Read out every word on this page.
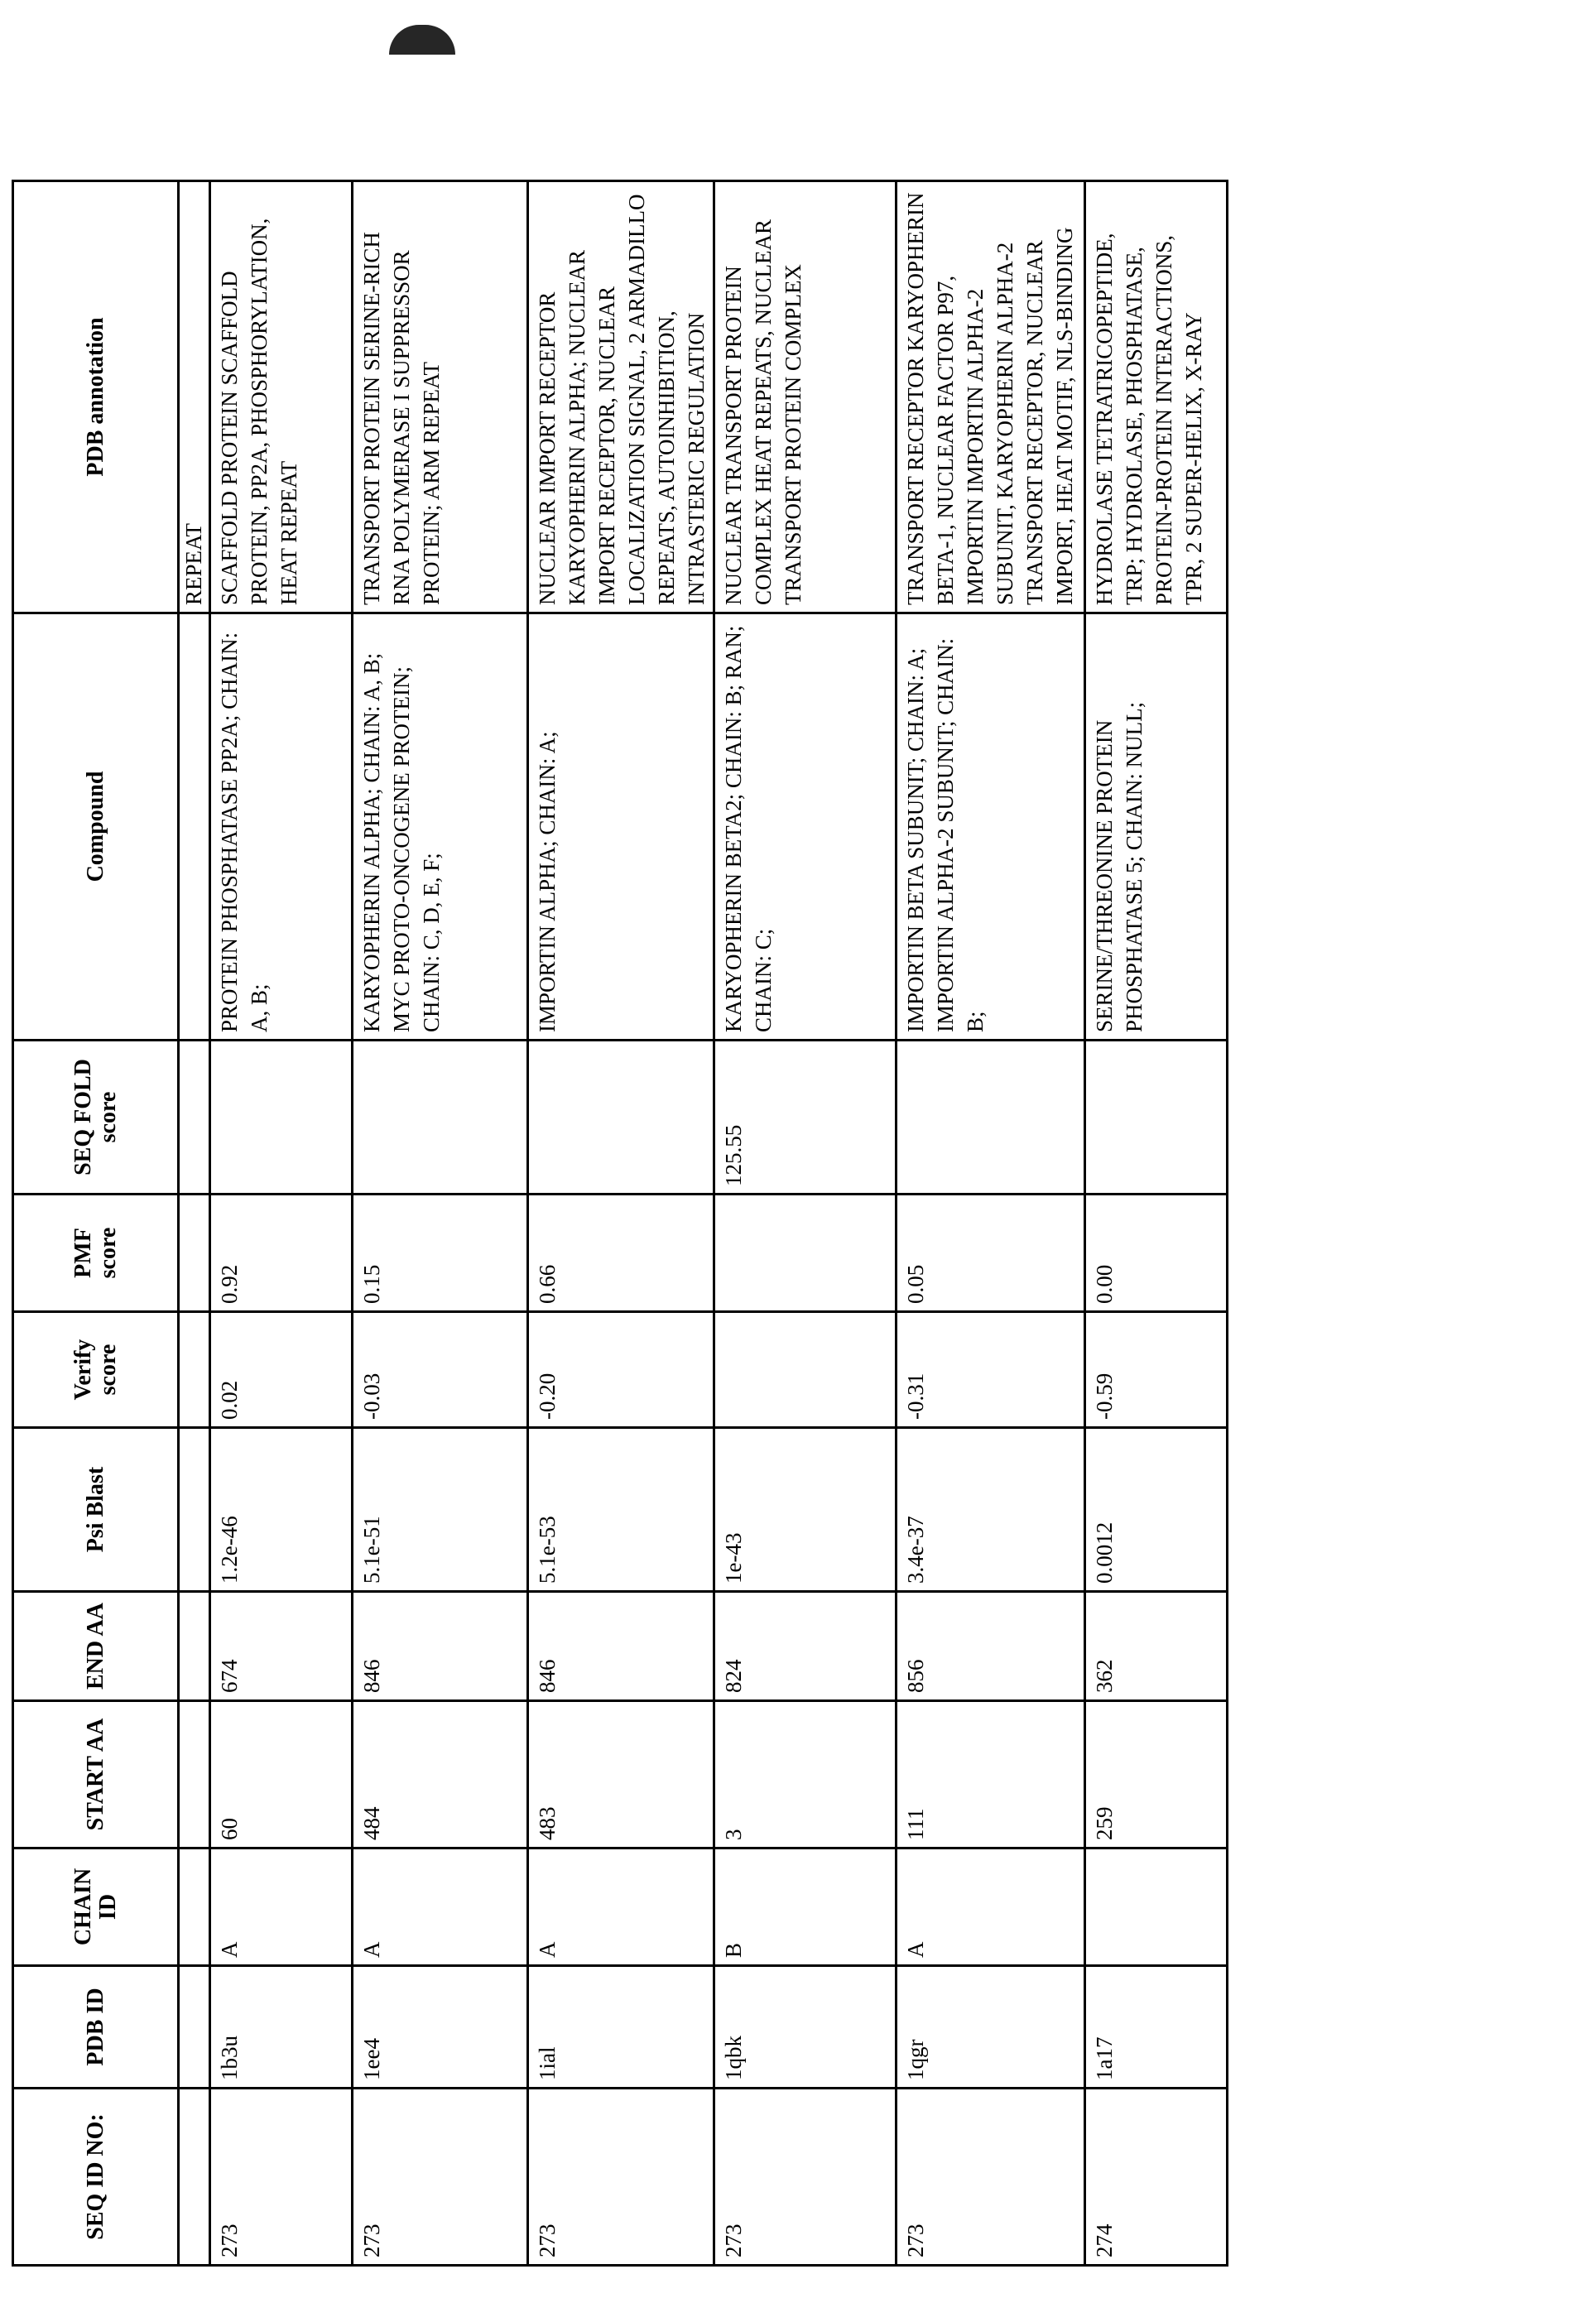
SEQ ID NO:	PDB ID	CHAIN ID	START AA	END AA	Psi Blast	Verify score	PMF score	SEQ FOLD score	Compound	PDB annotation
										REPEAT
273	1b3u	A	60	674	1.2e-46	0.02	0.92		PROTEIN PHOSPHATASE PP2A; CHAIN: A, B;	SCAFFOLD PROTEIN SCAFFOLD PROTEIN, PP2A, PHOSPHORYLATION, HEAT REPEAT
273	1ee4	A	484	846	5.1e-51	-0.03	0.15		KARYOPHERIN ALPHA; CHAIN: A, B; MYC PROTO-ONCOGENE PROTEIN; CHAIN: C, D, E, F;	TRANSPORT PROTEIN SERINE-RICH RNA POLYMERASE I SUPPRESSOR PROTEIN; ARM REPEAT
273	1ial	A	483	846	5.1e-53	-0.20	0.66		IMPORTIN ALPHA; CHAIN: A;	NUCLEAR IMPORT RECEPTOR KARYOPHERIN ALPHA; NUCLEAR IMPORT RECEPTOR, NUCLEAR LOCALIZATION SIGNAL, 2 ARMADILLO REPEATS, AUTOINHIBITION, INTRASTERIC REGULATION
273	1qbk	B	3	824	1e-43			125.55	KARYOPHERIN BETA2; CHAIN: B; RAN; CHAIN: C;	NUCLEAR TRANSPORT PROTEIN COMPLEX HEAT REPEATS, NUCLEAR TRANSPORT PROTEIN COMPLEX
273	1qgr	A	111	856	3.4e-37	-0.31	0.05		IMPORTIN BETA SUBUNIT; CHAIN: A; IMPORTIN ALPHA-2 SUBUNIT; CHAIN: B;	TRANSPORT RECEPTOR KARYOPHERIN BETA-1, NUCLEAR FACTOR P97, IMPORTIN IMPORTIN ALPHA-2 SUBUNIT, KARYOPHERIN ALPHA-2 TRANSPORT RECEPTOR, NUCLEAR IMPORT, HEAT MOTIF, NLS-BINDING
274	1a17		259	362	0.0012	-0.59	0.00		SERINE/THREONINE PROTEIN PHOSPHATASE 5; CHAIN: NULL;	HYDROLASE TETRATRICOPEPTIDE, TRP; HYDROLASE, PHOSPHATASE, PROTEIN-PROTEIN INTERACTIONS, TPR, 2 SUPER-HELIX, X-RAY
